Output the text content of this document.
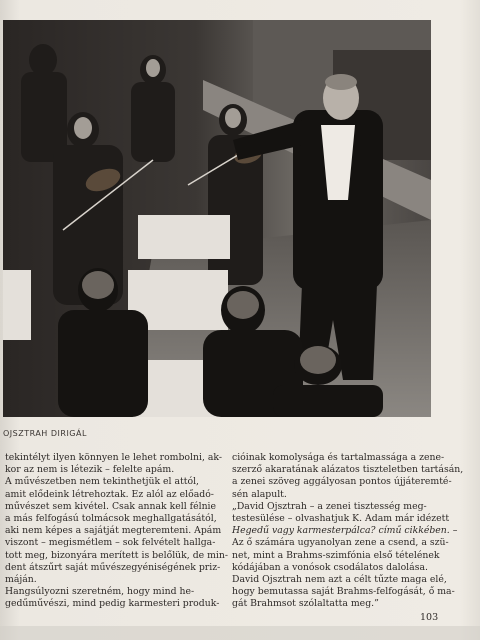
OJSZTRAH DIRIGÁL

tekintélyt ilyen könnyen le lehet rombolni, ak-

kor az nem is létezik – felelte apám.

A művészetben nem tekinthetjük el attól,

amit elődeink létrehoztak. Ez alól az előadó-

művészet sem kivétel. Csak annak kell félnie

a más felfogású tolmácsok meghallgatásától,

aki nem képes a sajátját megteremteni. Apám

viszont – megismétlem – sok felvételt hallga-

tott meg, bizonyára merített is belőlük, de min-

dent átszűrt saját művészegyéniségének priz-

máján.

Hangsúlyozni szeretném, hogy mind he-

gedűművészi, mind pedig karmesteri produk-

cióinak komolysága és tartalmassága a zene-

szerző akaratának alázatos tiszteletben tartásán,

a zenei szöveg aggályosan pontos újjáteremté-

sén alapult.

„David Ojsztrah – a zenei tisztesség meg-

testesülése – olvashatjuk K. Adam már idézett

Hegedű vagy karmesterpálca? című cikkében. –

Az ő számára ugyanolyan zene a csend, a szü-

net, mint a Brahms-szimfónia első tételének

kódájában a vonósok csodálatos dalolása.

David Ojsztrah nem azt a célt tűzte maga elé,

hogy bemutassa saját Brahms-felfogását, ő ma-

gát Brahmsot szólaltatta meg.”

103
